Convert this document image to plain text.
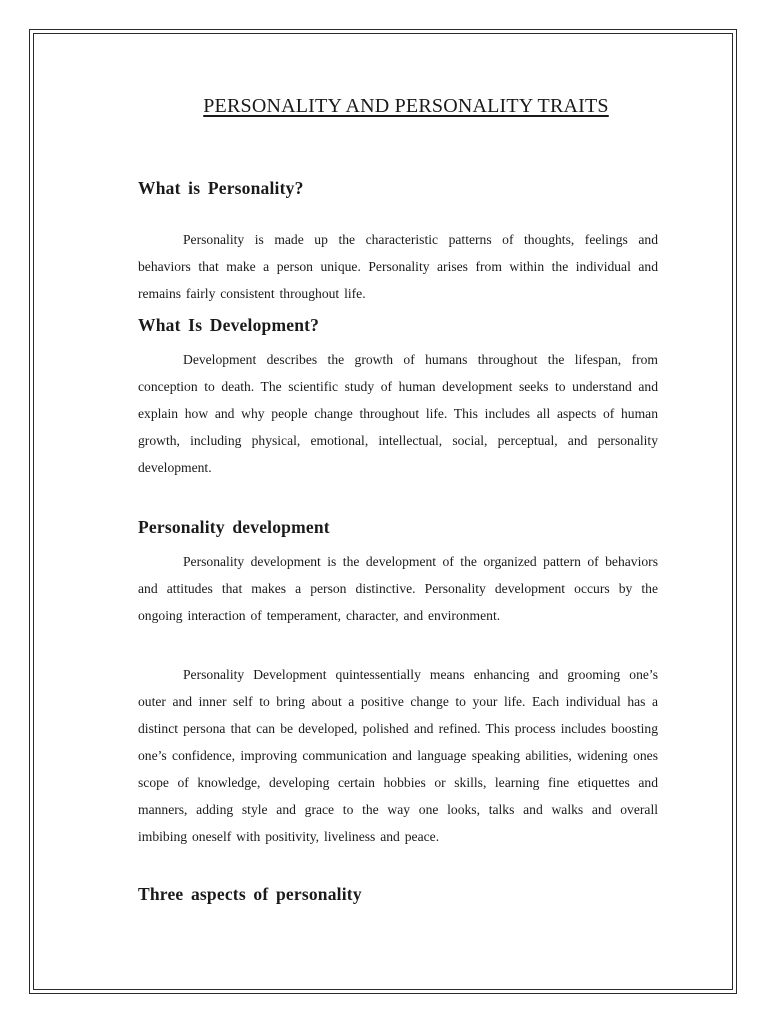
PERSONALITY AND PERSONALITY TRAITS
What is Personality?

Personality is made up the characteristic patterns of thoughts, feelings and behaviors that make a person unique. Personality arises from within the individual and remains fairly consistent throughout life.

What Is Development?

Development describes the growth of humans throughout the lifespan, from conception to death. The scientific study of human development seeks to understand and explain how and why people change throughout life. This includes all aspects of human growth, including physical, emotional, intellectual, social, perceptual, and personality development.

Personality development

Personality development is the development of the organized pattern of behaviors and attitudes that makes a person distinctive. Personality development occurs by the ongoing interaction of temperament, character, and environment.

Personality Development quintessentially means enhancing and grooming one’s outer and inner self to bring about a positive change to your life. Each individual has a distinct persona that can be developed, polished and refined. This process includes boosting one’s confidence, improving communication and language speaking abilities, widening ones scope of knowledge, developing certain hobbies or skills, learning fine etiquettes and manners, adding style and grace to the way one looks, talks and walks and overall imbibing oneself with positivity, liveliness and peace.

Three aspects of personality
